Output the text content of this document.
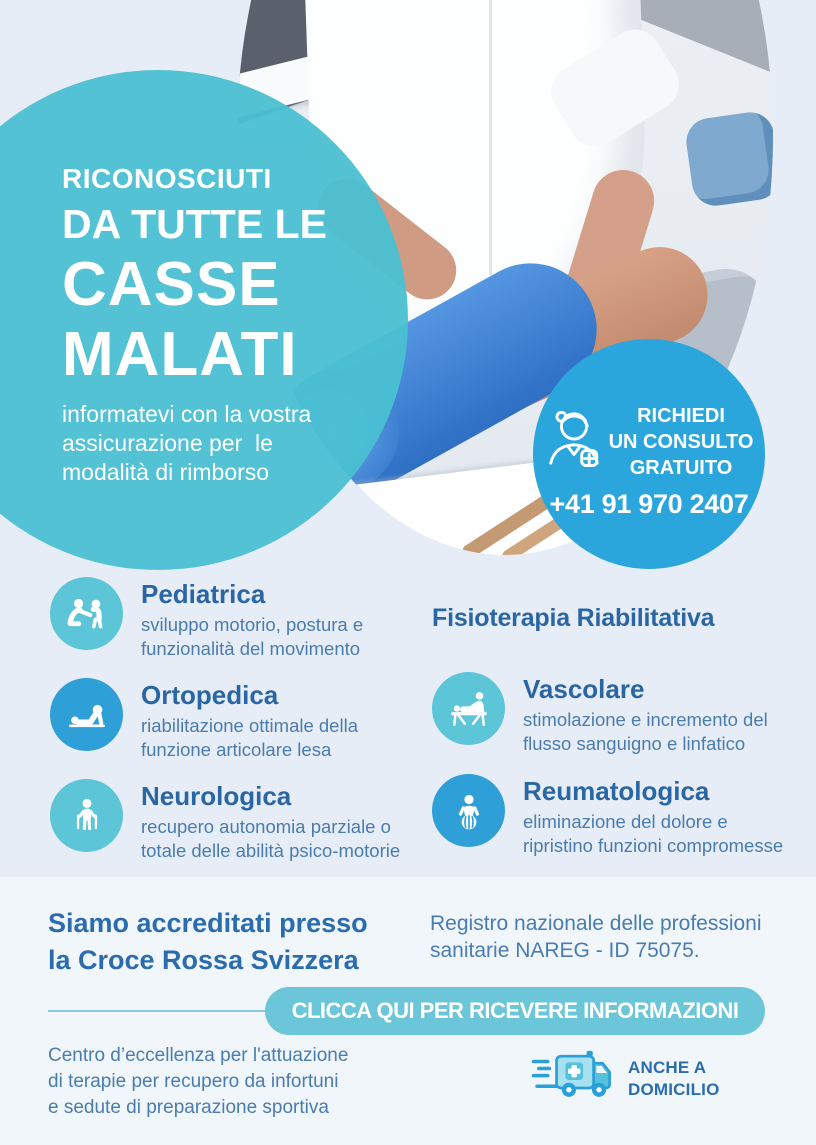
RICONOSCIUTI
DA TUTTE LE
CASSE
MALATI
informatevi con la vostra
assicurazione per  le
modalità di rimborso
RICHIEDI
UN CONSULTO
GRATUITO
+41 91 970 2407
Pediatrica
sviluppo motorio, postura e
funzionalità del movimento
Ortopedica
riabilitazione ottimale della
funzione articolare lesa
Neurologica
recupero autonomia parziale o
totale delle abilità psico-motorie
Fisioterapia Riabilitativa
Vascolare
stimolazione e incremento del
flusso sanguigno e linfatico
Reumatologica
eliminazione del dolore e
ripristino funzioni compromesse
Siamo accreditati presso
la Croce Rossa Svizzera
Registro nazionale delle professioni
sanitarie NAREG - ID 75075.
CLICCA QUI PER RICEVERE INFORMAZIONI
Centro d’eccellenza per l'attuazione
di terapie per recupero da infortuni
e sedute di preparazione sportiva
ANCHE A
DOMICILIO
